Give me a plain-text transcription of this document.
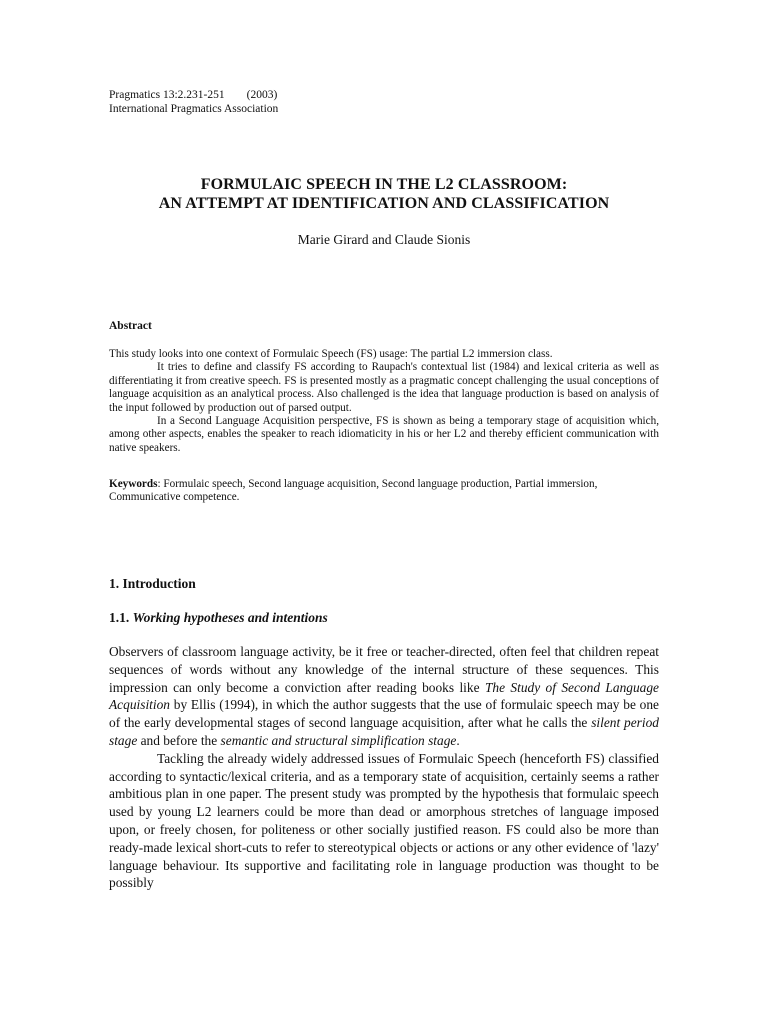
Pragmatics 13:2.231-251 (2003)
International Pragmatics Association
FORMULAIC SPEECH IN THE L2 CLASSROOM:
AN ATTEMPT AT IDENTIFICATION AND CLASSIFICATION
Marie Girard and Claude Sionis
Abstract

This study looks into one context of Formulaic Speech (FS) usage: The partial L2 immersion class.

It tries to define and classify FS according to Raupach's contextual list (1984) and lexical criteria as well as differentiating it from creative speech. FS is presented mostly as a pragmatic concept challenging the usual conceptions of language acquisition as an analytical process. Also challenged is the idea that language production is based on analysis of the input followed by production out of parsed output.

In a Second Language Acquisition perspective, FS is shown as being a temporary stage of acquisition which, among other aspects, enables the speaker to reach idiomaticity in his or her L2 and thereby efficient communication with native speakers.

Keywords: Formulaic speech, Second language acquisition, Second language production, Partial immersion, Communicative competence.
1. Introduction
1.1. Working hypotheses and intentions

Observers of classroom language activity, be it free or teacher-directed, often feel that children repeat sequences of words without any knowledge of the internal structure of these sequences. This impression can only become a conviction after reading books like The Study of Second Language Acquisition by Ellis (1994), in which the author suggests that the use of formulaic speech may be one of the early developmental stages of second language acquisition, after what he calls the silent period stage and before the semantic and structural simplification stage.

Tackling the already widely addressed issues of Formulaic Speech (henceforth FS) classified according to syntactic/lexical criteria, and as a temporary state of acquisition, certainly seems a rather ambitious plan in one paper. The present study was prompted by the hypothesis that formulaic speech used by young L2 learners could be more than dead or amorphous stretches of language imposed upon, or freely chosen, for politeness or other socially justified reason. FS could also be more than ready-made lexical short-cuts to refer to stereotypical objects or actions or any other evidence of 'lazy' language behaviour. Its supportive and facilitating role in language production was thought to be possibly
